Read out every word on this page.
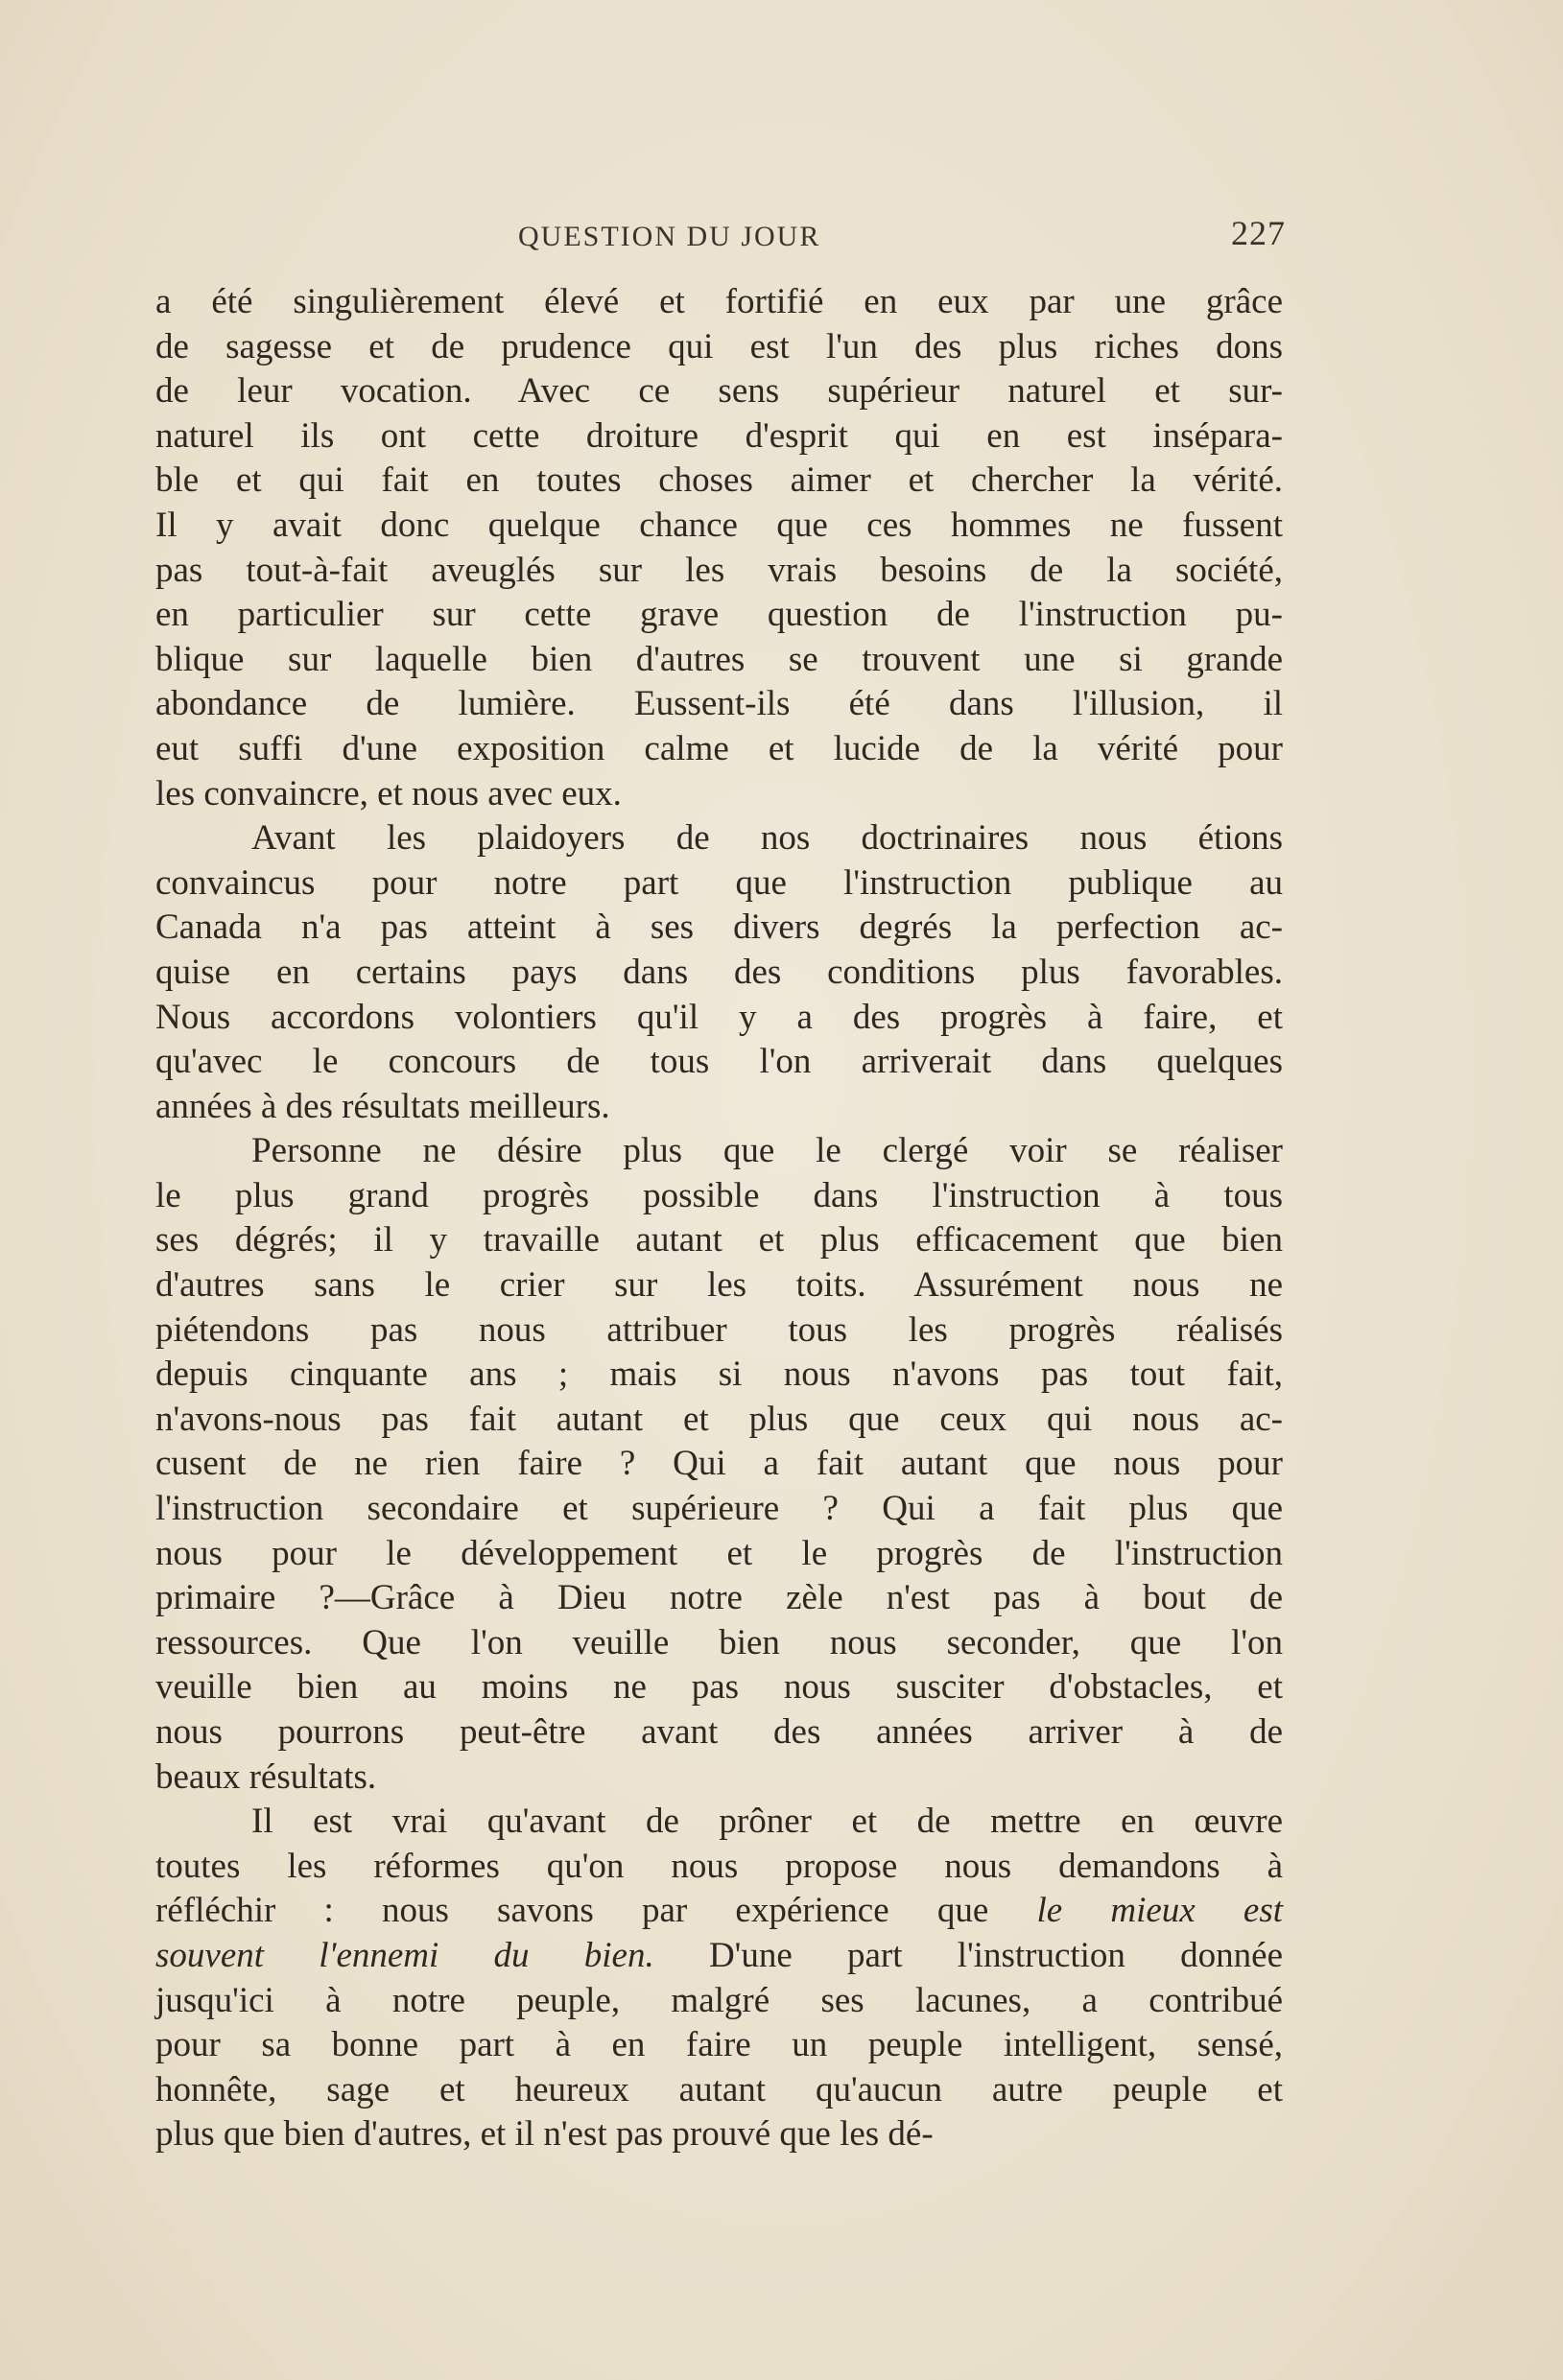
QUESTION DU JOUR	227
a été singulièrement élevé et fortifié en eux par une grâce
de sagesse et de prudence qui est l'un des plus riches dons
de leur vocation. Avec ce sens supérieur naturel et sur-
naturel ils ont cette droiture d'esprit qui en est insépara-
ble et qui fait en toutes choses aimer et chercher la vérité.
Il y avait donc quelque chance que ces hommes ne fussent
pas tout-à-fait aveuglés sur les vrais besoins de la société,
en particulier sur cette grave question de l'instruction pu-
blique sur laquelle bien d'autres se trouvent une si grande
abondance de lumière. Eussent-ils été dans l'illusion, il
eut suffi d'une exposition calme et lucide de la vérité pour
les convaincre, et nous avec eux.
Avant les plaidoyers de nos doctrinaires nous étions
convaincus pour notre part que l'instruction publique au
Canada n'a pas atteint à ses divers degrés la perfection ac-
quise en certains pays dans des conditions plus favorables.
Nous accordons volontiers qu'il y a des progrès à faire, et
qu'avec le concours de tous l'on arriverait dans quelques
années à des résultats meilleurs.
Personne ne désire plus que le clergé voir se réaliser
le plus grand progrès possible dans l'instruction à tous
ses dégrés; il y travaille autant et plus efficacement que bien
d'autres sans le crier sur les toits. Assurément nous ne
piétendons pas nous attribuer tous les progrès réalisés
depuis cinquante ans ; mais si nous n'avons pas tout fait,
n'avons-nous pas fait autant et plus que ceux qui nous ac-
cusent de ne rien faire ? Qui a fait autant que nous pour
l'instruction secondaire et supérieure ? Qui a fait plus que
nous pour le développement et le progrès de l'instruction
primaire ?—Grâce à Dieu notre zèle n'est pas à bout de
ressources. Que l'on veuille bien nous seconder, que l'on
veuille bien au moins ne pas nous susciter d'obstacles, et
nous pourrons peut-être avant des années arriver à de
beaux résultats.
Il est vrai qu'avant de prôner et de mettre en œuvre
toutes les réformes qu'on nous propose nous demandons à
réfléchir : nous savons par expérience que le mieux est
souvent l'ennemi du bien. D'une part l'instruction donnée
jusqu'ici à notre peuple, malgré ses lacunes, a contribué
pour sa bonne part à en faire un peuple intelligent, sensé,
honnête, sage et heureux autant qu'aucun autre peuple et
plus que bien d'autres, et il n'est pas prouvé que les dé-
